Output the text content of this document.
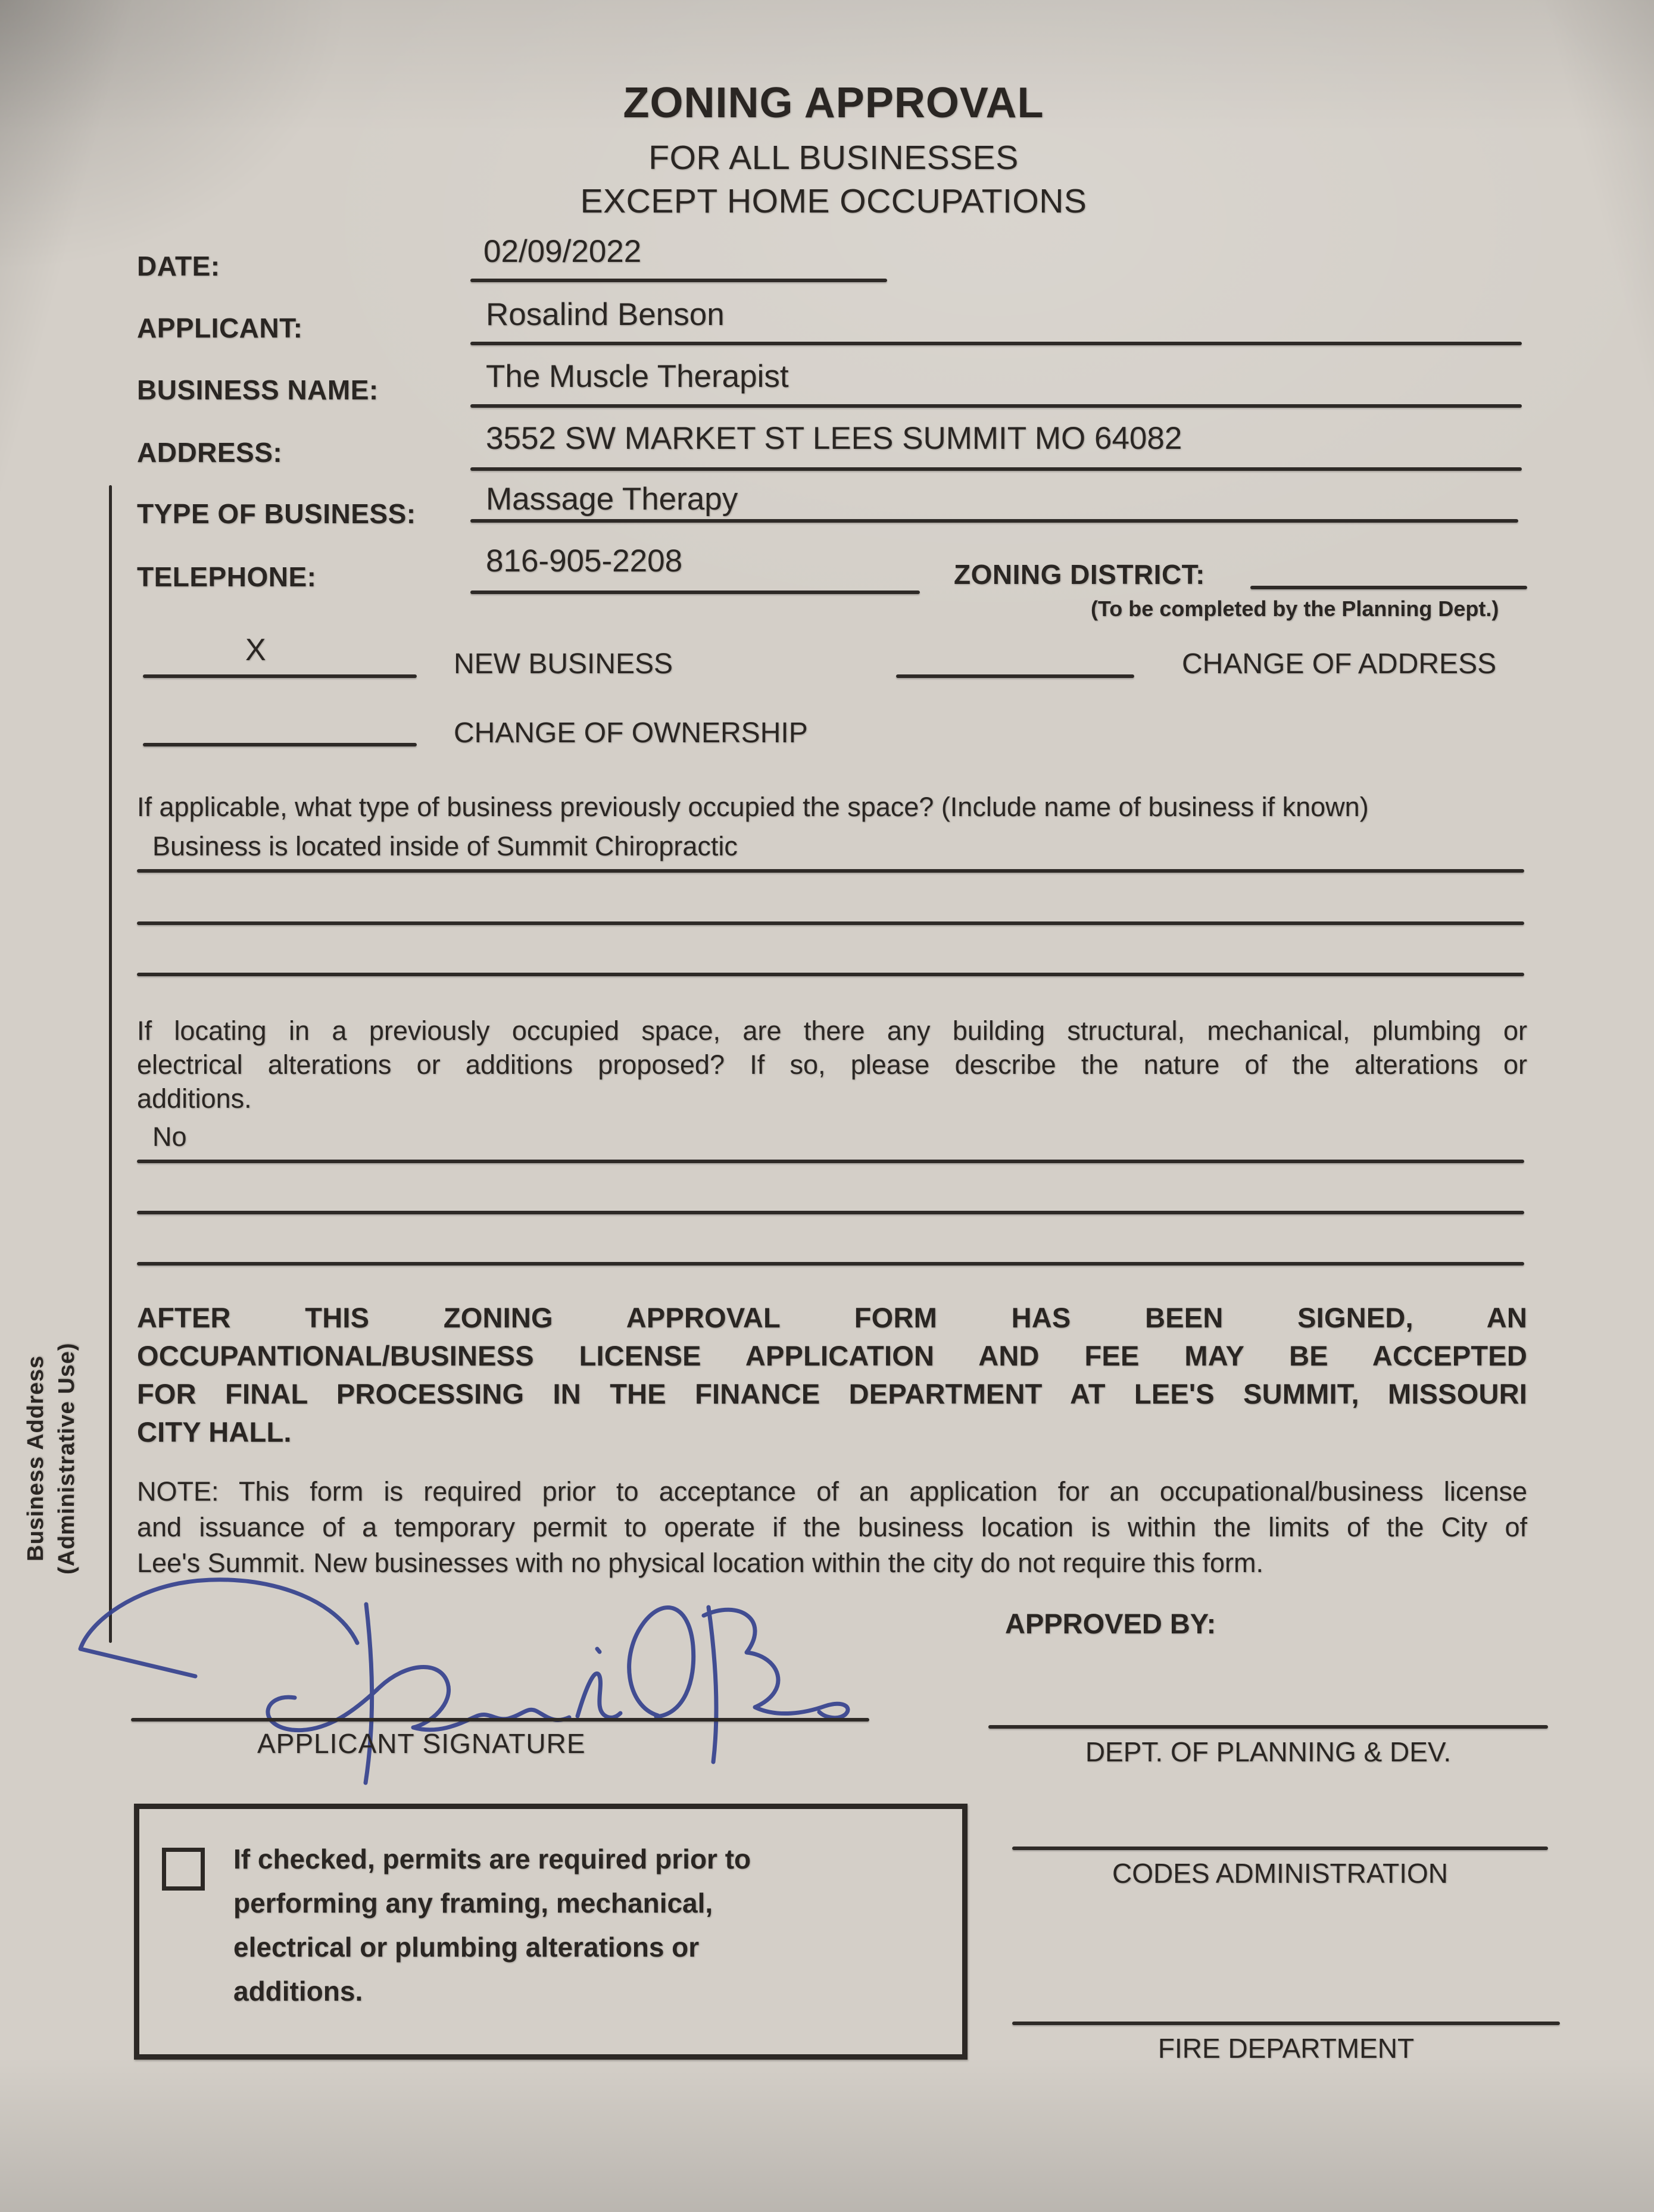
ZONING APPROVAL
FOR ALL BUSINESSES
EXCEPT HOME OCCUPATIONS
DATE:	02/09/2022
APPLICANT:	Rosalind Benson
BUSINESS NAME:	The Muscle Therapist
ADDRESS:	3552 SW MARKET ST LEES SUMMIT MO 64082
TYPE OF BUSINESS: Massage Therapy
TELEPHONE:	816-905-2208	ZONING DISTRICT:
(To be completed by the Planning Dept.)
X	NEW BUSINESS	CHANGE OF ADDRESS
CHANGE OF OWNERSHIP
If applicable, what type of business previously occupied the space? (Include name of business if known)
Business is located inside of Summit Chiropractic
If locating in a previously occupied space, are there any building structural, mechanical, plumbing or
electrical alterations or additions proposed? If so, please describe the nature of the alterations or
additions.
No
AFTER THIS ZONING APPROVAL FORM HAS BEEN SIGNED, AN
OCCUPANTIONAL/BUSINESS LICENSE APPLICATION AND FEE MAY BE ACCEPTED
FOR FINAL PROCESSING IN THE FINANCE DEPARTMENT AT LEE'S SUMMIT, MISSOURI
CITY HALL.
NOTE: This form is required prior to acceptance of an application for an occupational/business license
and issuance of a temporary permit to operate if the business location is within the limits of the City of
Lee's Summit. New businesses with no physical location within the city do not require this form.
Business Address (Administrative Use)
APPLICANT SIGNATURE
APPROVED BY:
DEPT. OF PLANNING & DEV.
CODES ADMINISTRATION
FIRE DEPARTMENT
If checked, permits are required prior to
performing any framing, mechanical,
electrical or plumbing alterations or
additions.
